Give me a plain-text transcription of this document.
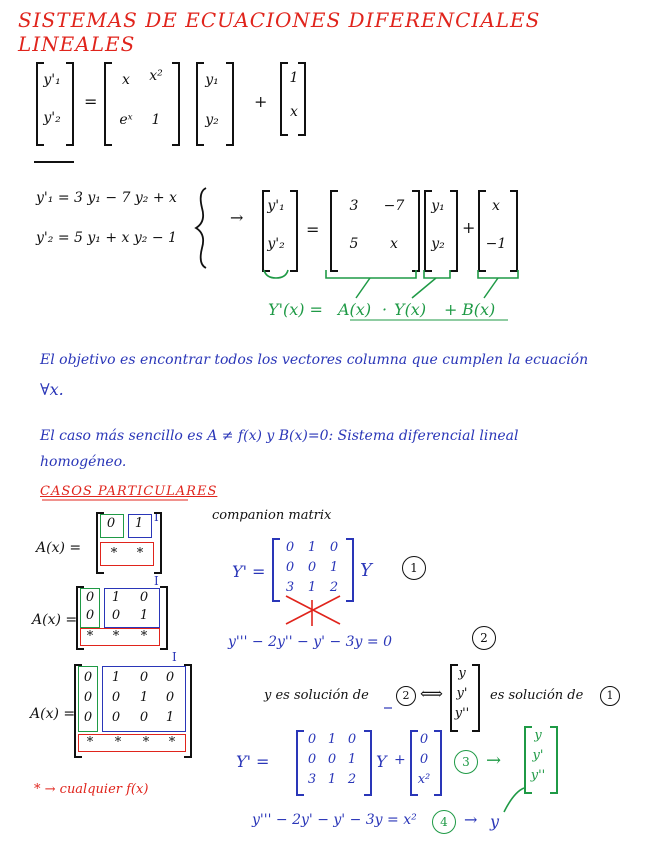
SISTEMAS DE ECUACIONES DIFERENCIALES LINEALES
y'₁
y'₂
=
x	x²
eˣ	1
y₁
y₂
+
1
x
y'₁ = 3 y₁ − 7 y₂ + x
y'₂ = 5 y₁ + x y₂ − 1
→
y'₁
y'₂
=
3	−7
5	x
y₁
y₂
+
x
−1
Y'(x) = A(x) · Y(x) + B(x)
El objetivo es encontrar todos los vectores columna que cumplen la ecuación
∀x.
El caso más sencillo es A ≠ f(x) y B(x)=0: Sistema diferencial lineal
homogéneo.
CASOS PARTICULARES
A(x) =
0	1 I
*	*
A(x) =
I
0	1	0
0	0	1
*	*	*
A(x) =
I
0	1	0	0
0	0	1	0
0	0	0	1
*	*	*	*
* → cualquier f(x)
companion matrix
Y' =
0	1	0
0	0	1
3	1	2
Y	1
y''' − 2y'' − y' − 3y = 0	2
y es solución de	2 ⟺
y
y'
y''
es solución de	1
Y' =
0 1 0
0 0 1
3 1 2
Y +
0
0
x²
3 →
y
y'
y''
y''' − 2y' − y' − 3y = x²	4	→ y
